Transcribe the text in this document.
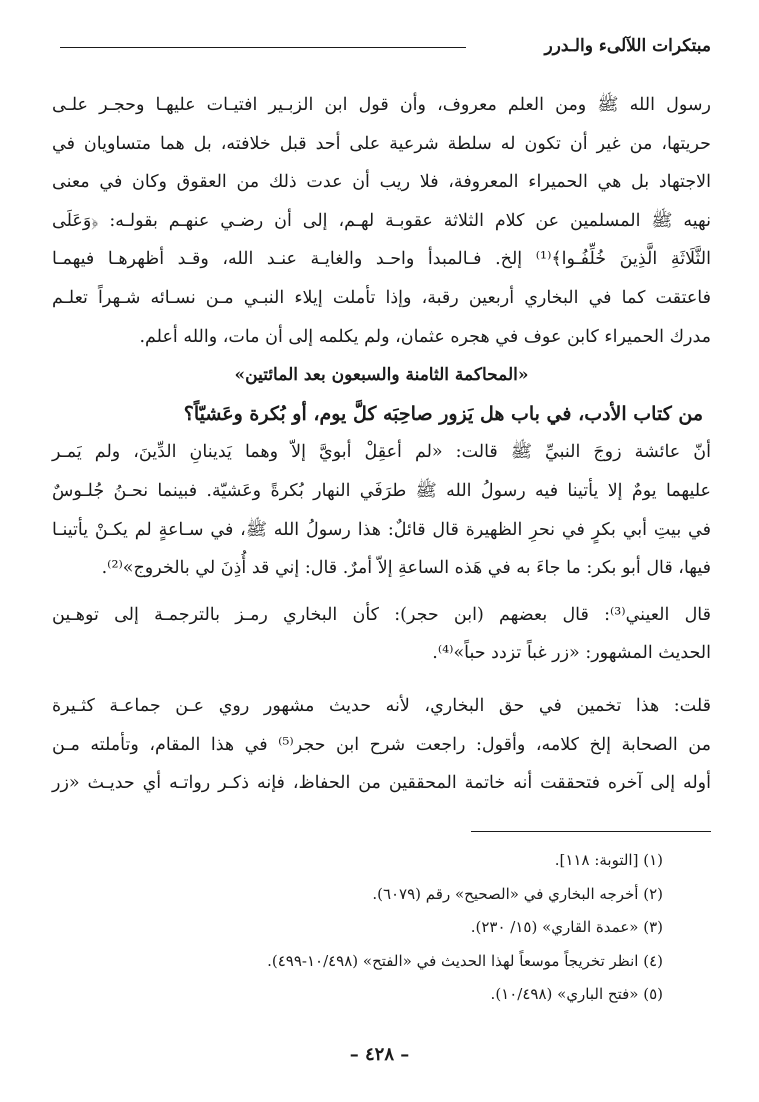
مبتكرات اللآلىء والـدرر
رسول الله ﷺ ومن العلم معروف، وأن قول ابن الزبـير افتيـات عليهـا وحجـر علـى
حريتها، من غير أن تكون له سلطة شرعية على أحد قبل خلافته، بل هما متساويان في
الاجتهاد بل هي الحميراء المعروفة، فلا ريب أن عدت ذلك من العقوق وكان في معنى
نهيه ﷺ المسلمين عن كلام الثلاثة عقوبـة لهـم، إلى أن رضـي عنهـم بقولـه: ﴿وَعَلَى
الثَّلَاثَةِ الَّذِينَ خُلِّفُـوا﴾⁽¹⁾ إلخ. فـالمبدأ واحـد والغايـة عنـد الله، وقـد أظهرهـا فيهمـا
فاعتقت كما في البخاري أربعين رقبة، وإذا تأملت إيلاء النبـي مـن نسـائه شـهراً تعلـم
مدرك الحميراء كابن عوف في هجره عثمان، ولم يكلمه إلى أن مات، والله أعلم.
«المحاكمة الثامنة والسبعون بعد المائتين»
من كتاب الأدب، في باب هل يَزور صاحِبَه كلَّ يوم، أو بُكرة وعَشيّاً؟
أنّ عائشة زوجَ النبيِّ ﷺ قالت: «لم أعقِلْ أبويَّ إلاّ وهما يَدينانِ الدِّينَ، ولم يَمـر
عليهما يومٌ إلا يأتينا فيه رسولُ الله ﷺ طرَفَي النهار بُكرةً وعَشيّة. فبينما نحـنُ جُلـوسٌ
في بيتِ أبي بكرٍ في نحرِ الظهيرة قال قائلٌ: هذا رسولُ الله ﷺ، في سـاعةٍ لم يكـنْ يأتينـا
فيها، قال أبو بكر: ما جاءَ به في هَذه الساعةِ إلاّ أمرٌ. قال: إني قد أُذِنَ لي بالخروج»⁽²⁾.
قال العيني⁽³⁾: قال بعضهم (ابن حجر): كأن البخاري رمـز بالترجمـة إلى توهـين
الحديث المشهور: «زر غباً تزدد حباً»⁽⁴⁾.
قلت: هذا تخمين في حق البخاري، لأنه حديث مشهور روي عـن جماعـة كثـيرة
من الصحابة إلخ كلامه، وأقول: راجعت شرح ابن حجر⁽⁵⁾ في هذا المقام، وتأملته مـن
أوله إلى آخره فتحققت أنه خاتمة المحققين من الحفاظ، فإنه ذكـر رواتـه أي حديـث «زر
(١) [التوبة: ١١٨].
(٢) أخرجه البخاري في «الصحيح» رقم (٦٠٧٩).
(٣) «عمدة القاري» (١٥/ ٢٣٠).
(٤) انظر تخريجاً موسعاً لهذا الحديث في «الفتح» (١٠/٤٩٨-٤٩٩).
(٥) «فتح الباري» (١٠/٤٩٨).
– ٤٢٨ –
